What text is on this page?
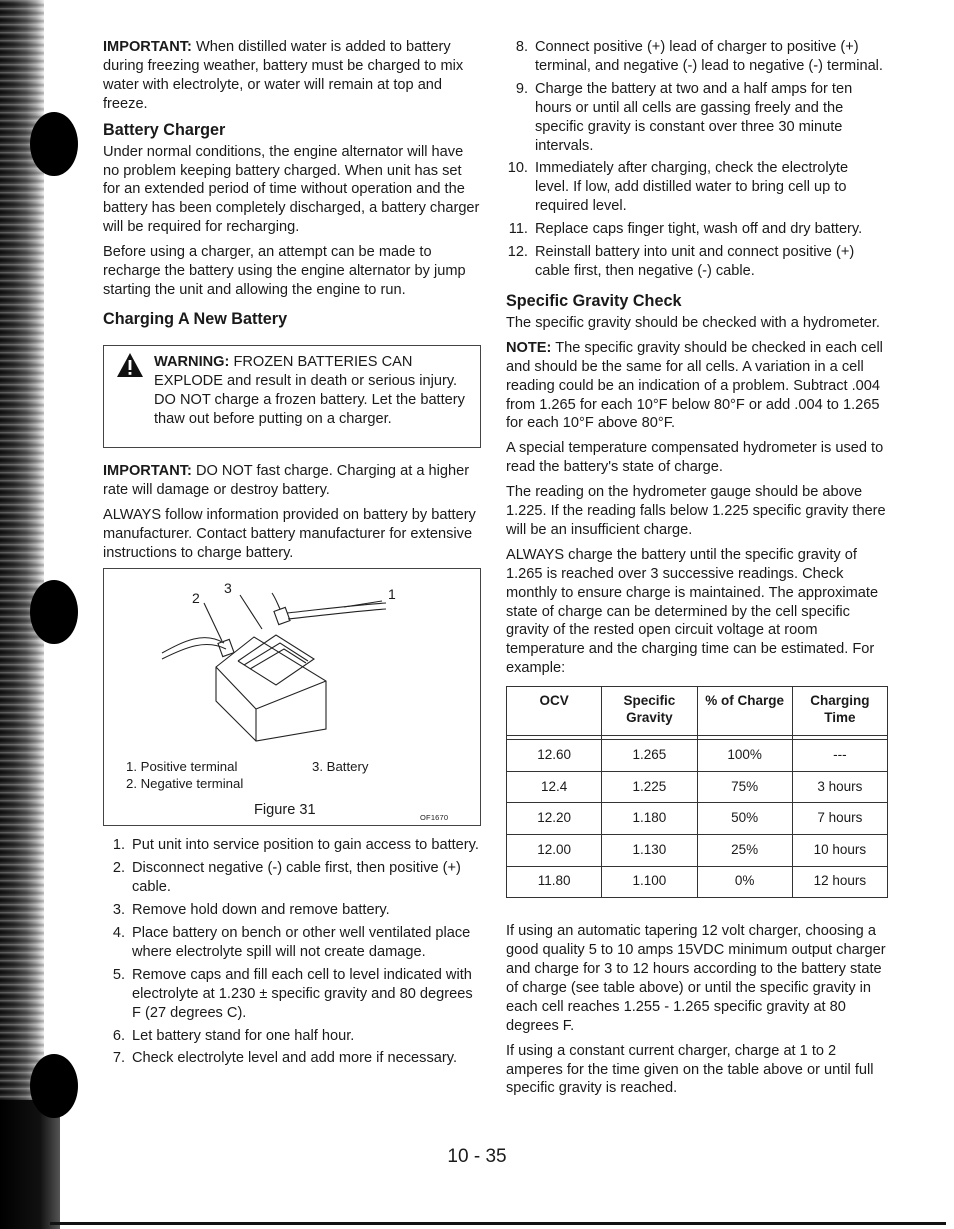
IMPORTANT: When distilled water is added to battery during freezing weather, battery must be charged to mix water with electrolyte, or water will remain at top and freeze.

Battery Charger

Under normal conditions, the engine alternator will have no problem keeping battery charged. When unit has set for an extended period of time without operation and the battery has been completely discharged, a battery charger will be required for recharging.

Before using a charger, an attempt can be made to recharge the battery using the engine alternator by jump starting the unit and allowing the engine to run.

Charging A New Battery

WARNING: FROZEN BATTERIES CAN EXPLODE and result in death or serious injury.

DO NOT charge a frozen battery. Let the battery thaw out before putting on a charger.

IMPORTANT: DO NOT fast charge. Charging at a higher rate will damage or destroy battery.

ALWAYS follow information provided on battery by battery manufacturer. Contact battery manufacturer for extensive instructions to charge battery.

2
3	1
1. Positive terminal
2. Negative terminal
3. Battery
Figure 31	OF1670
1. Put unit into service position to gain access to battery.
2. Disconnect negative (-) cable first, then positive (+) cable.
3. Remove hold down and remove battery.
4. Place battery on bench or other well ventilated place where electrolyte spill will not create damage.
5. Remove caps and fill each cell to level indicated with electrolyte at 1.230 ± specific gravity and 80 degrees F (27 degrees C).
6. Let battery stand for one half hour.
7. Check electrolyte level and add more if necessary.
8. Connect positive (+) lead of charger to positive (+) terminal, and negative (-) lead to negative (-) terminal.
9. Charge the battery at two and a half amps for ten hours or until all cells are gassing freely and the specific gravity is constant over three 30 minute intervals.
10. Immediately after charging, check the electrolyte level. If low, add distilled water to bring cell up to required level.
11. Replace caps finger tight, wash off and dry battery.
12. Reinstall battery into unit and connect positive (+) cable first, then negative (-) cable.
Specific Gravity Check

The specific gravity should be checked with a hydrometer.

NOTE: The specific gravity should be checked in each cell and should be the same for all cells. A variation in a cell reading could be an indication of a problem. Subtract .004 from 1.265 for each 10°F below 80°F or add .004 to 1.265 for each 10°F above 80°F.

A special temperature compensated hydrometer is used to read the battery's state of charge.

The reading on the hydrometer gauge should be above 1.225. If the reading falls below 1.225 specific gravity there will be an insufficient charge.

ALWAYS charge the battery until the specific gravity of 1.265 is reached over 3 successive readings. Check monthly to ensure charge is maintained. The approximate state of charge can be determined by the cell specific gravity of the rested open circuit voltage at room temperature and the charging time can be estimated. For example:

OCV	Specific Gravity	% of Charge	Charging Time

12.60	1.265	100%	---
12.4	1.225	75%	3 hours
12.20	1.180	50%	7 hours
12.00	1.130	25%	10 hours
11.80	1.100	0%	12 hours

If using an automatic tapering 12 volt charger, choosing a good quality 5 to 10 amps 15VDC minimum output charger and charge for 3 to 12 hours according to the battery state of charge (see table above) or until the specific gravity in each cell reaches 1.255 - 1.265 specific gravity at 80 degrees F.

If using a constant current charger, charge at 1 to 2 amperes for the time given on the table above or until full specific gravity is reached.

10 - 35
